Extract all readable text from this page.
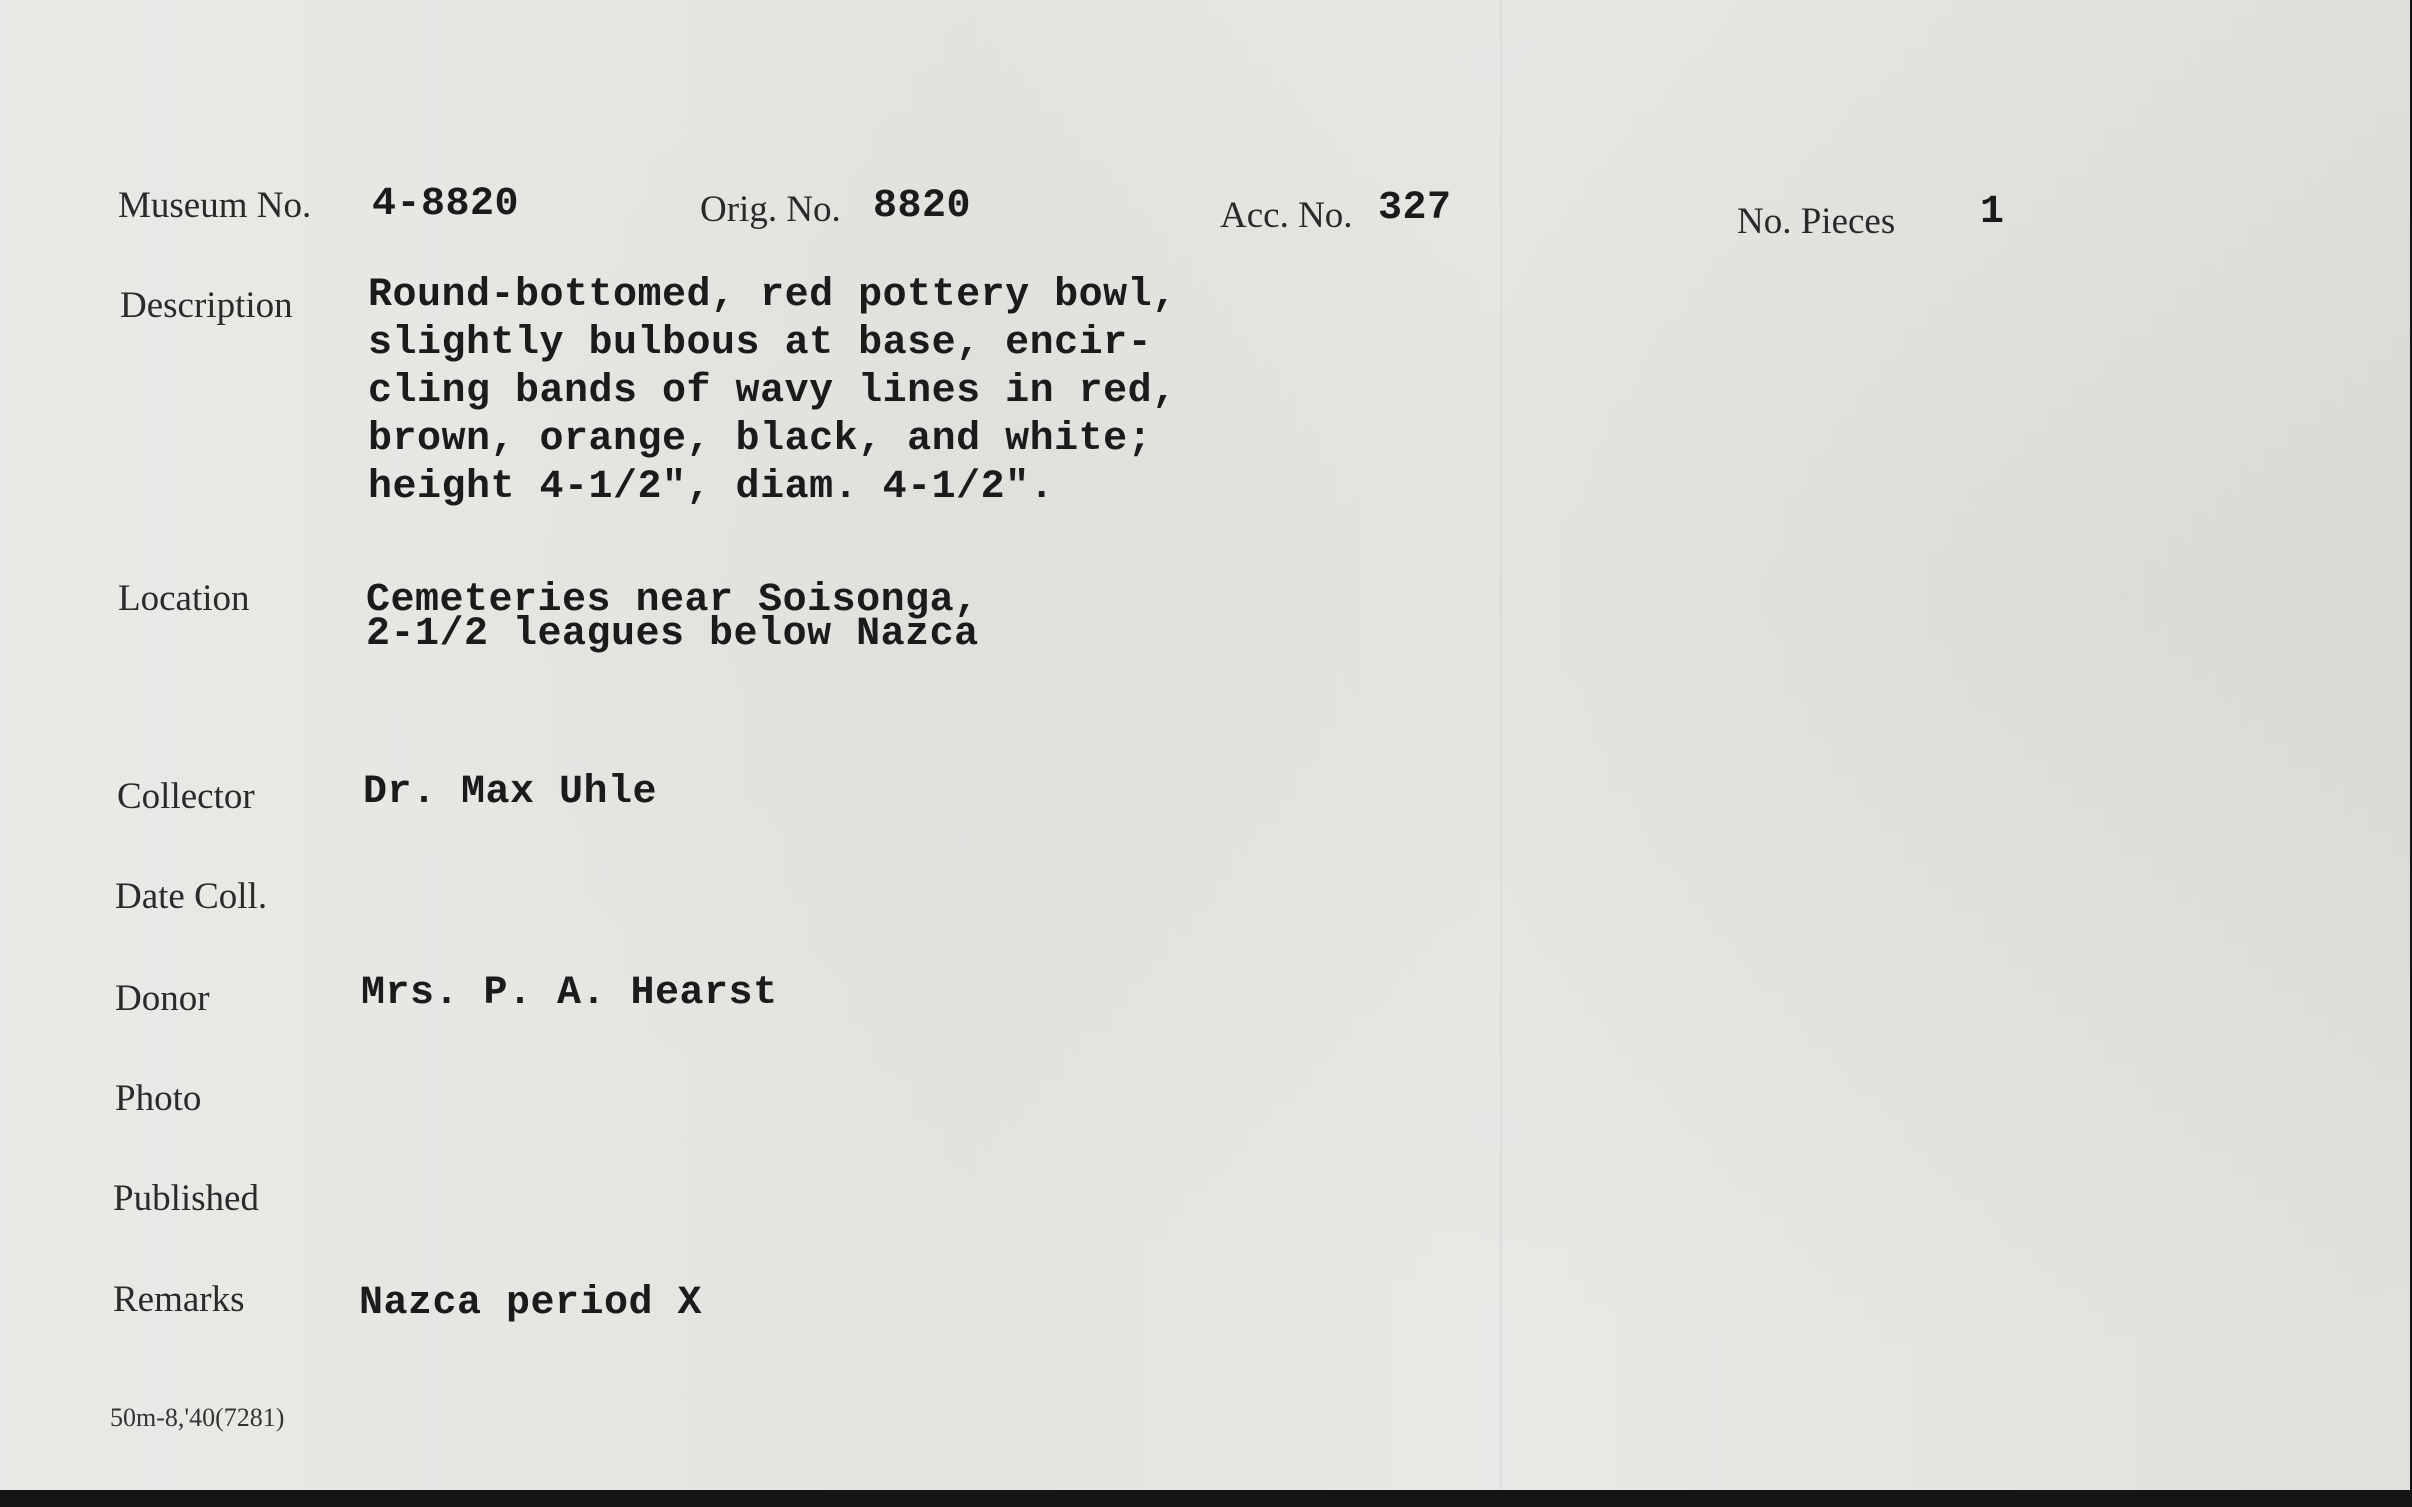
Museum No. 4-8820	Orig. No. 8820	Acc. No. 327	No. Pieces 1
Description Round-bottomed, red pottery bowl,
slightly bulbous at base, encir-
cling bands of wavy lines in red,
brown, orange, black, and white;
height 4-1/2", diam. 4-1/2".
Location	Cemeteries near Soisonga,
2-1/2 leagues below Nazca
Collector	Dr. Max Uhle
Date Coll.
Donor	Mrs. P. A. Hearst
Photo
Published
Remarks	Nazca period X
50m-8,'40(7281)
